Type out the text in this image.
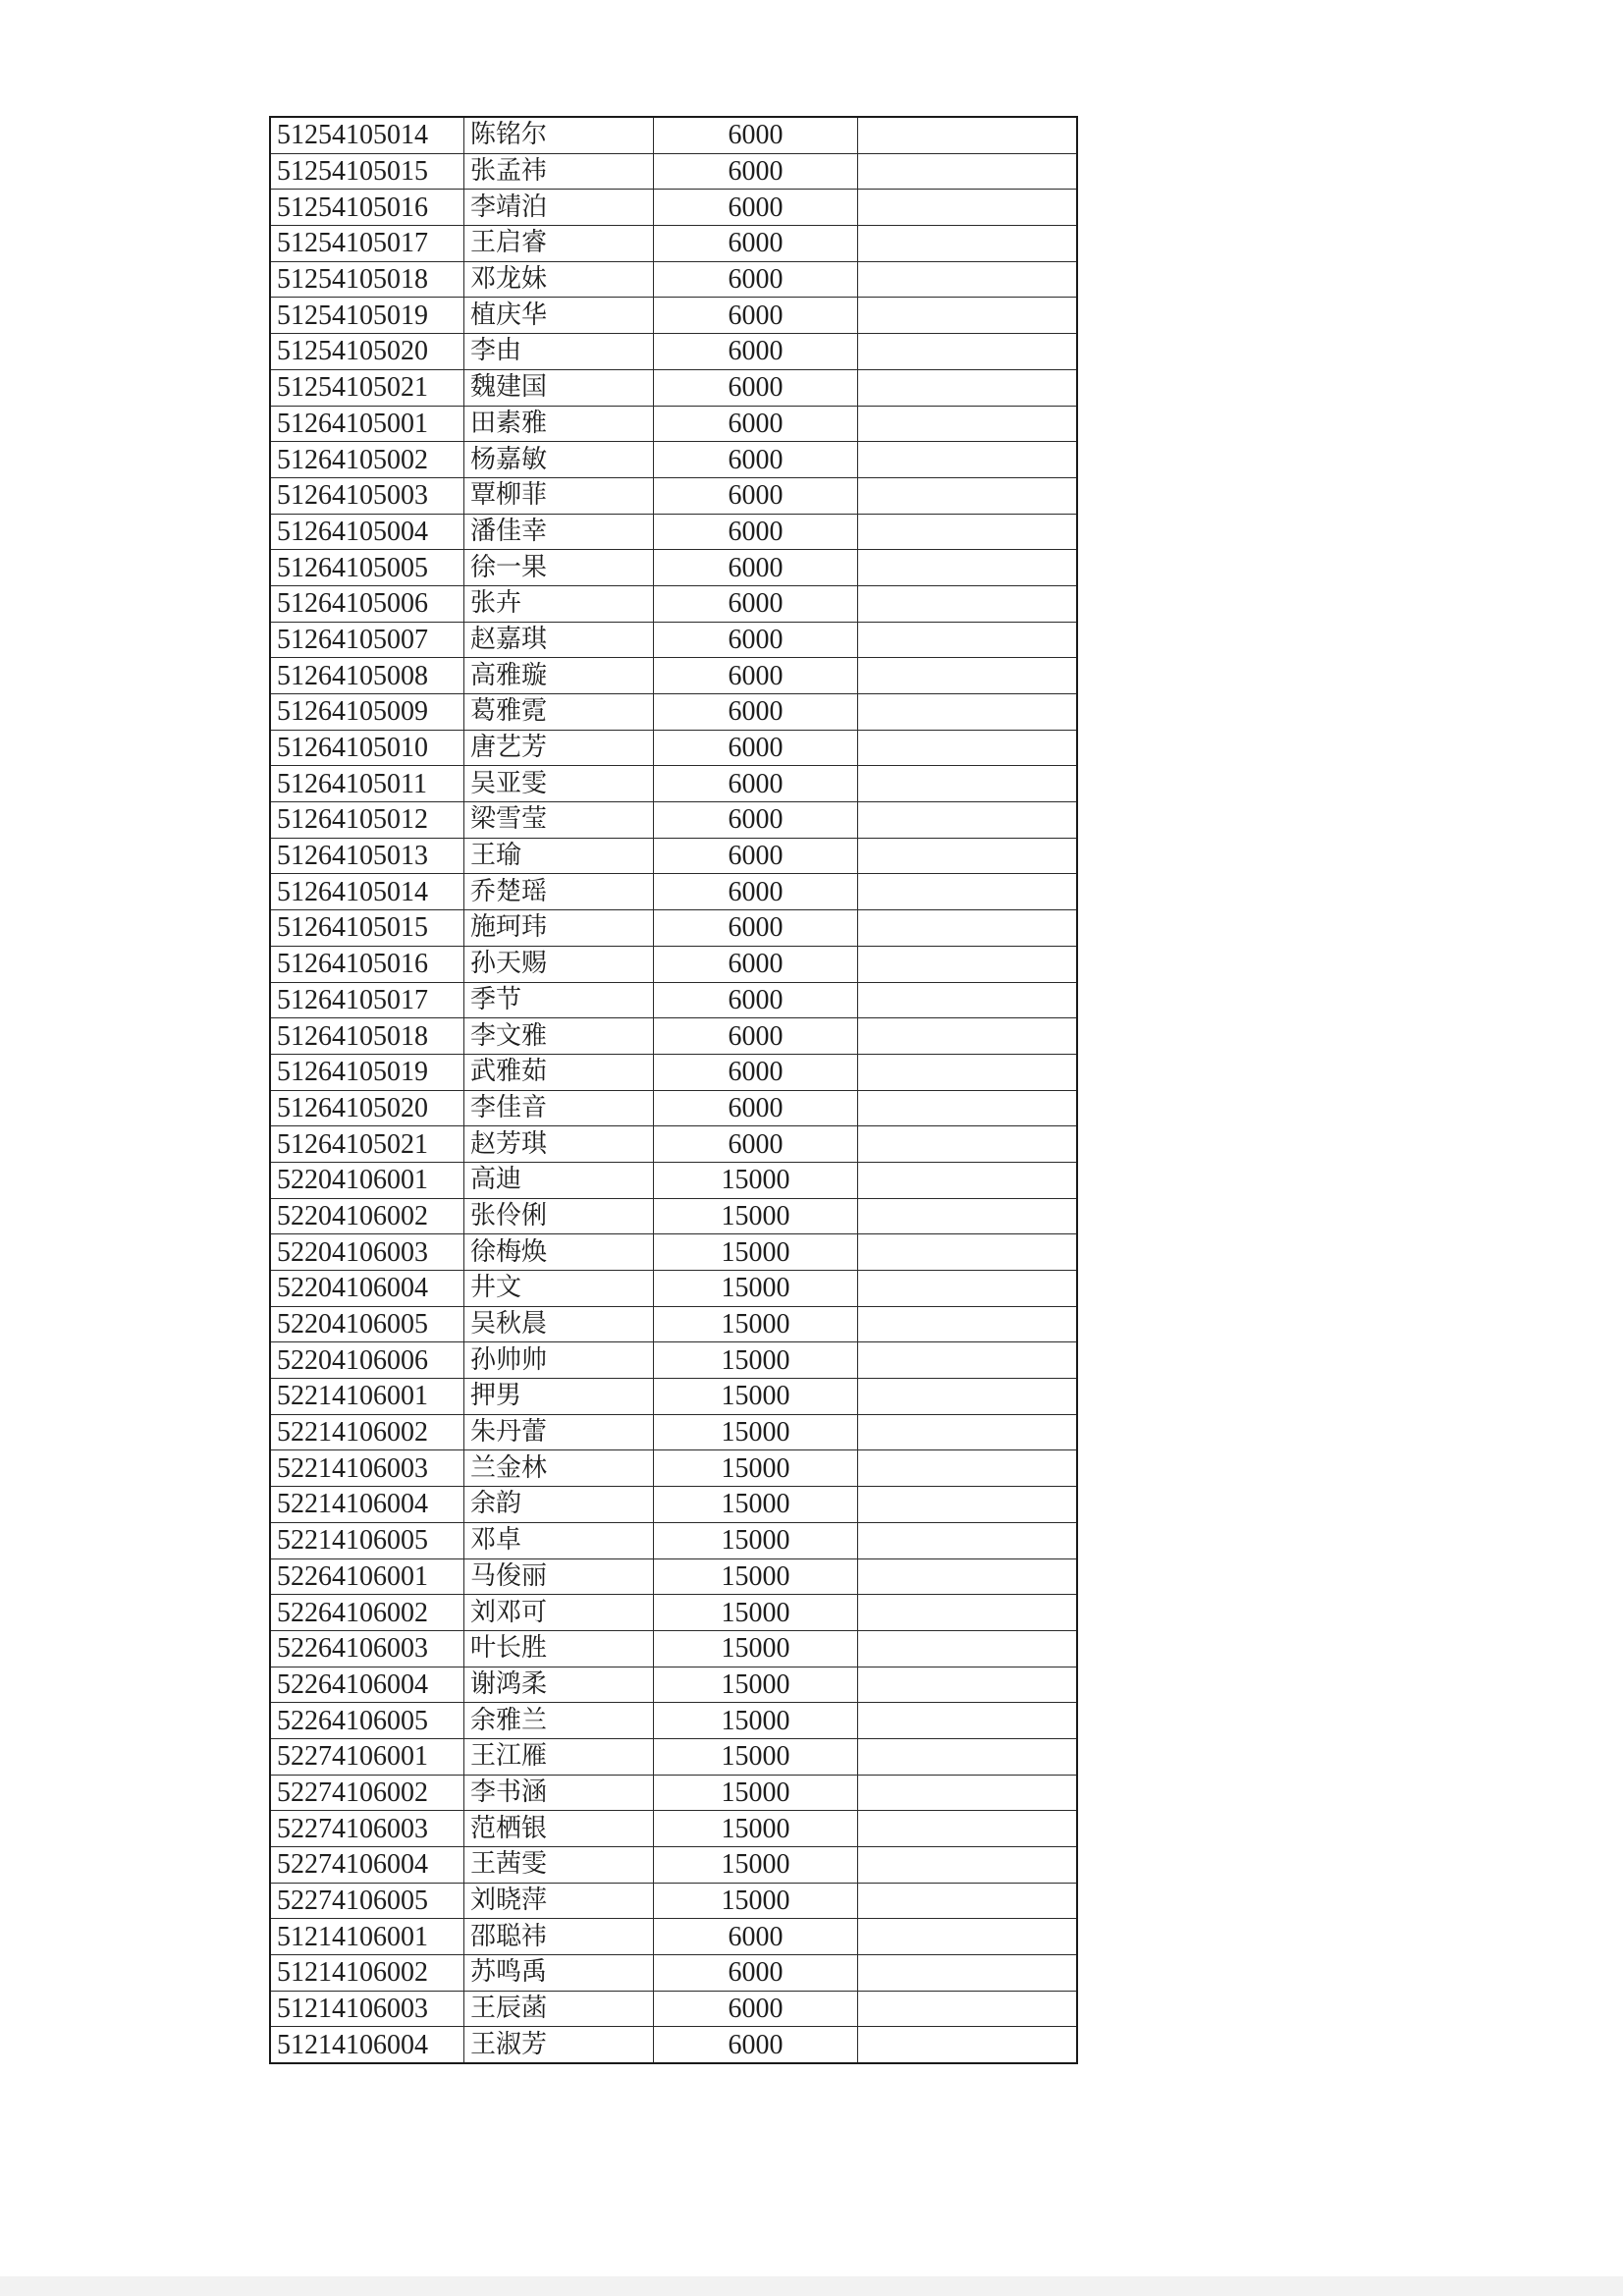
51254105014	陈铭尔	6000	
51254105015	张孟祎	6000	
51254105016	李靖泊	6000	
51254105017	王启睿	6000	
51254105018	邓龙妹	6000	
51254105019	植庆华	6000	
51254105020	李由	6000	
51254105021	魏建国	6000	
51264105001	田素雅	6000	
51264105002	杨嘉敏	6000	
51264105003	覃柳菲	6000	
51264105004	潘佳幸	6000	
51264105005	徐一果	6000	
51264105006	张卉	6000	
51264105007	赵嘉琪	6000	
51264105008	高雅璇	6000	
51264105009	葛雅霓	6000	
51264105010	唐艺芳	6000	
51264105011	吴亚雯	6000	
51264105012	梁雪莹	6000	
51264105013	王瑜	6000	
51264105014	乔楚瑶	6000	
51264105015	施珂玮	6000	
51264105016	孙天赐	6000	
51264105017	季节	6000	
51264105018	李文雅	6000	
51264105019	武雅茹	6000	
51264105020	李佳音	6000	
51264105021	赵芳琪	6000	
52204106001	高迪	15000	
52204106002	张伶俐	15000	
52204106003	徐梅焕	15000	
52204106004	井文	15000	
52204106005	吴秋晨	15000	
52204106006	孙帅帅	15000	
52214106001	押男	15000	
52214106002	朱丹蕾	15000	
52214106003	兰金林	15000	
52214106004	余韵	15000	
52214106005	邓卓	15000	
52264106001	马俊丽	15000	
52264106002	刘邓可	15000	
52264106003	叶长胜	15000	
52264106004	谢鸿柔	15000	
52264106005	余雅兰	15000	
52274106001	王江雁	15000	
52274106002	李书涵	15000	
52274106003	范栖银	15000	
52274106004	王茜雯	15000	
52274106005	刘晓萍	15000	
51214106001	邵聪祎	6000	
51214106002	苏鸣禹	6000	
51214106003	王辰菡	6000	
51214106004	王淑芳	6000	
